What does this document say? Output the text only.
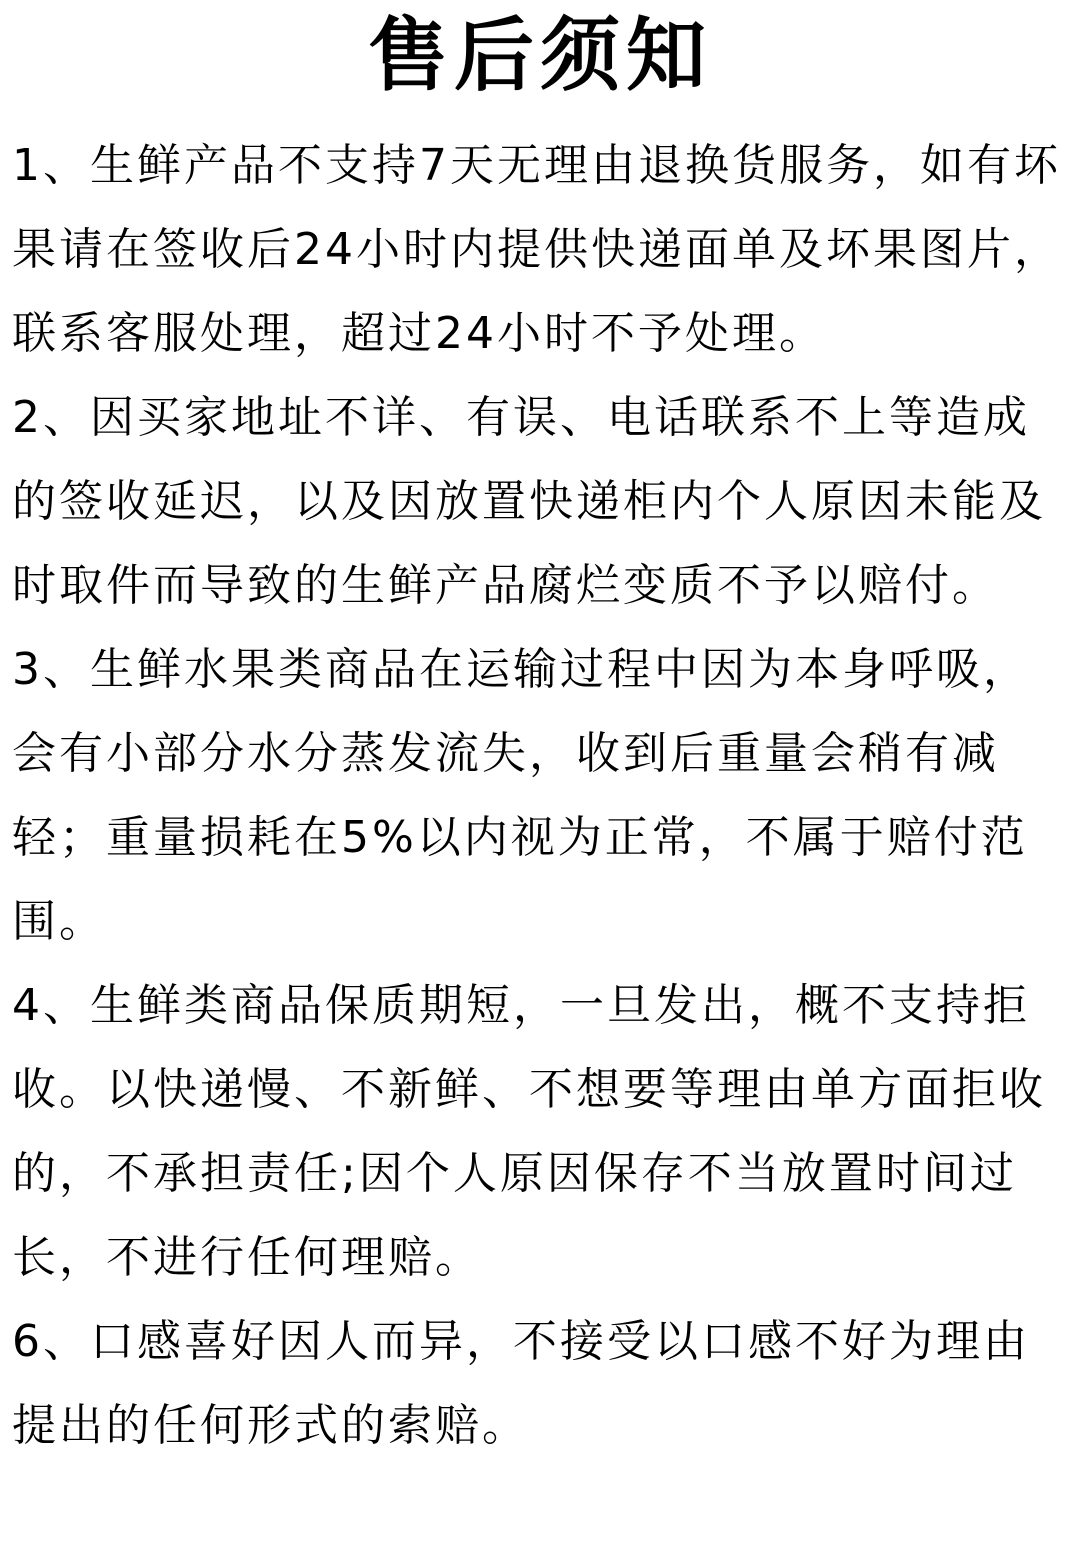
售后须知
1、生鲜产品不支持7天无理由退换货服务，如有坏
果请在签收后24小时内提供快递面单及坏果图片，
联系客服处理，超过24小时不予处理。
2、因买家地址不详、有误、电话联系不上等造成
的签收延迟，以及因放置快递柜内个人原因未能及
时取件而导致的生鲜产品腐烂变质不予以赔付。
3、生鲜水果类商品在运输过程中因为本身呼吸，
会有小部分水分蒸发流失，收到后重量会稍有减
轻；重量损耗在5%以内视为正常，不属于赔付范
围。
4、生鲜类商品保质期短，一旦发出，概不支持拒
收。以快递慢、不新鲜、不想要等理由单方面拒收
的，不承担责任;因个人原因保存不当放置时间过
长，不进行任何理赔。
6、口感喜好因人而异，不接受以口感不好为理由
提出的任何形式的索赔。
